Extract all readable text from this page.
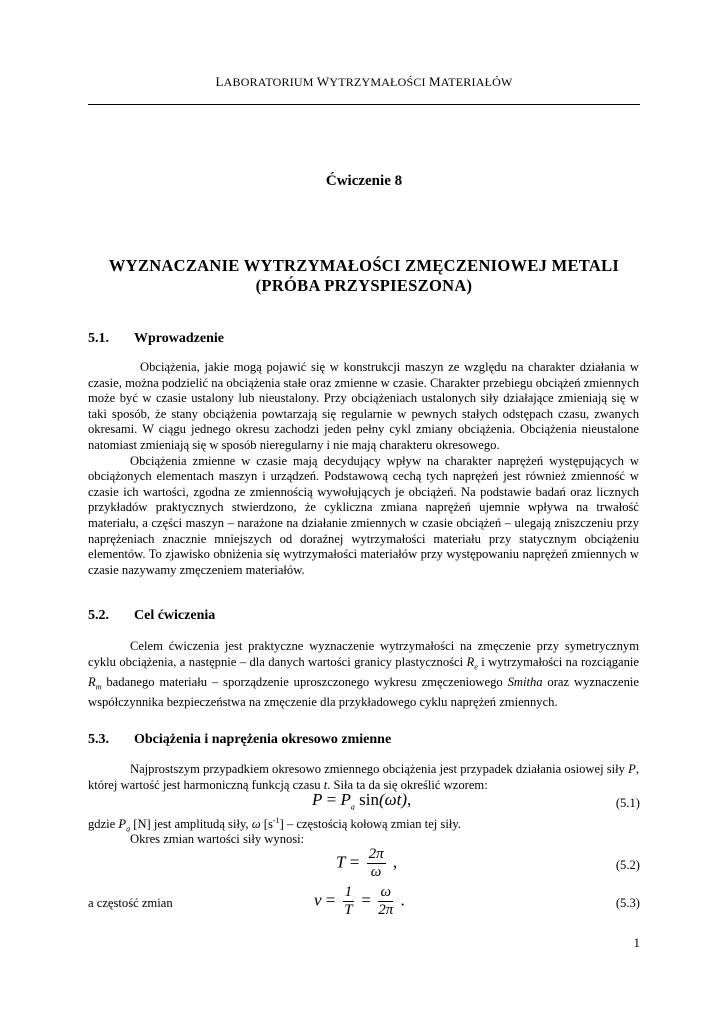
LABORATORIUM WYTRZYMAŁOŚCI MATERIAŁÓW
Ćwiczenie 8
WYZNACZANIE WYTRZYMAŁOŚCI ZMĘCZENIOWEJ METALI
(PRÓBA PRZYSPIESZONA)
5.1. Wprowadzenie

Obciążenia, jakie mogą pojawić się w konstrukcji maszyn ze względu na charakter działania w czasie, można podzielić na obciążenia stałe oraz zmienne w czasie. Charakter przebiegu obciążeń zmiennych może być w czasie ustalony lub nieustalony. Przy obciążeniach ustalonych siły działające zmieniają się w taki sposób, że stany obciążenia powtarzają się regularnie w pewnych stałych odstępach czasu, zwanych okresami. W ciągu jednego okresu zachodzi jeden pełny cykl zmiany obciążenia. Obciążenia nieustalone natomiast zmieniają się w sposób nieregularny i nie mają charakteru okresowego.

Obciążenia zmienne w czasie mają decydujący wpływ na charakter naprężeń występujących w obciążonych elementach maszyn i urządzeń. Podstawową cechą tych naprężeń jest również zmienność w czasie ich wartości, zgodna ze zmiennością wywołujących je obciążeń. Na podstawie badań oraz licznych przykładów praktycznych stwierdzono, że cykliczna zmiana naprężeń ujemnie wpływa na trwałość materiału, a części maszyn – narażone na działanie zmiennych w czasie obciążeń – ulegają zniszczeniu przy naprężeniach znacznie mniejszych od doraźnej wytrzymałości materiału przy statycznym obciążeniu elementów. To zjawisko obniżenia się wytrzymałości materiałów przy występowaniu naprężeń zmiennych w czasie nazywamy zmęczeniem materiałów.

5.2. Cel ćwiczenia

Celem ćwiczenia jest praktyczne wyznaczenie wytrzymałości na zmęczenie przy symetrycznym cyklu obciążenia, a następnie – dla danych wartości granicy plastyczności $R_e$ i wytrzymałości na rozciąganie $R_m$ badanego materiału – sporządzenie uproszczonego wykresu zmęczeniowego Smitha oraz wyznaczenie współczynnika bezpieczeństwa na zmęczenie dla przykładowego cyklu naprężeń zmiennych.

5.3. Obciążenia i naprężenia okresowo zmienne

Najprostszym przypadkiem okresowo zmiennego obciążenia jest przypadek działania osiowej siły P, której wartość jest harmoniczną funkcją czasu t. Siła ta da się określić wzorem:

$P = P_a$ sin(ωt),	(5.1)
gdzie $P_a$ [N] jest amplitudą siły, ω $[s^{-1}]$ – częstością kołową zmian tej siły.
Okres zmian wartości siły wynosi:
$T = \frac{2\pi}{\omega}$ ,	(5.2)
a częstość zmian	$\nu = \frac{1}{T} = \frac{\omega}{2\pi}$ .	(5.3)
1
